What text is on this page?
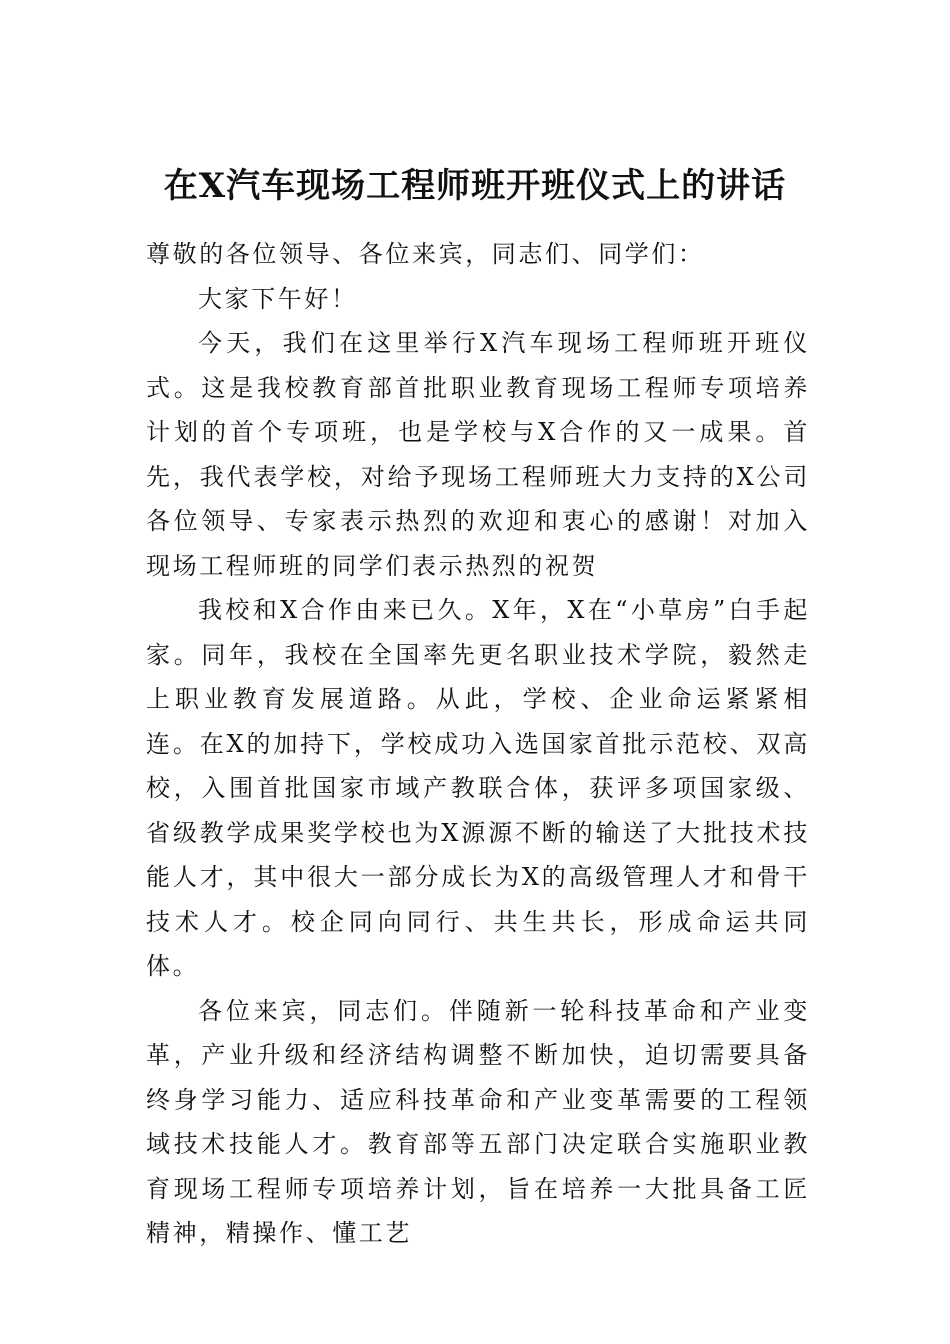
在X汽车现场工程师班开班仪式上的讲话

尊敬的各位领导、各位来宾，同志们、同学们：

大家下午好！

今天，我们在这里举行X汽车现场工程师班开班仪式。这是我校教育部首批职业教育现场工程师专项培养计划的首个专项班，也是学校与X合作的又一成果。首先，我代表学校，对给予现场工程师班大力支持的X公司各位领导、专家表示热烈的欢迎和衷心的感谢！对加入现场工程师班的同学们表示热烈的祝贺

我校和X合作由来已久。X年，X在“小草房”白手起家。同年，我校在全国率先更名职业技术学院，毅然走上职业教育发展道路。从此，学校、企业命运紧紧相连。在X的加持下，学校成功入选国家首批示范校、双高校，入围首批国家市域产教联合体，获评多项国家级、省级教学成果奖学校也为X源源不断的输送了大批技术技能人才，其中很大一部分成长为X的高级管理人才和骨干技术人才。校企同向同行、共生共长，形成命运共同体。

各位来宾，同志们。伴随新一轮科技革命和产业变革，产业升级和经济结构调整不断加快，迫切需要具备终身学习能力、适应科技革命和产业变革需要的工程领域技术技能人才。教育部等五部门决定联合实施职业教育现场工程师专项培养计划，旨在培养一大批具备工匠精神，精操作、懂工艺
